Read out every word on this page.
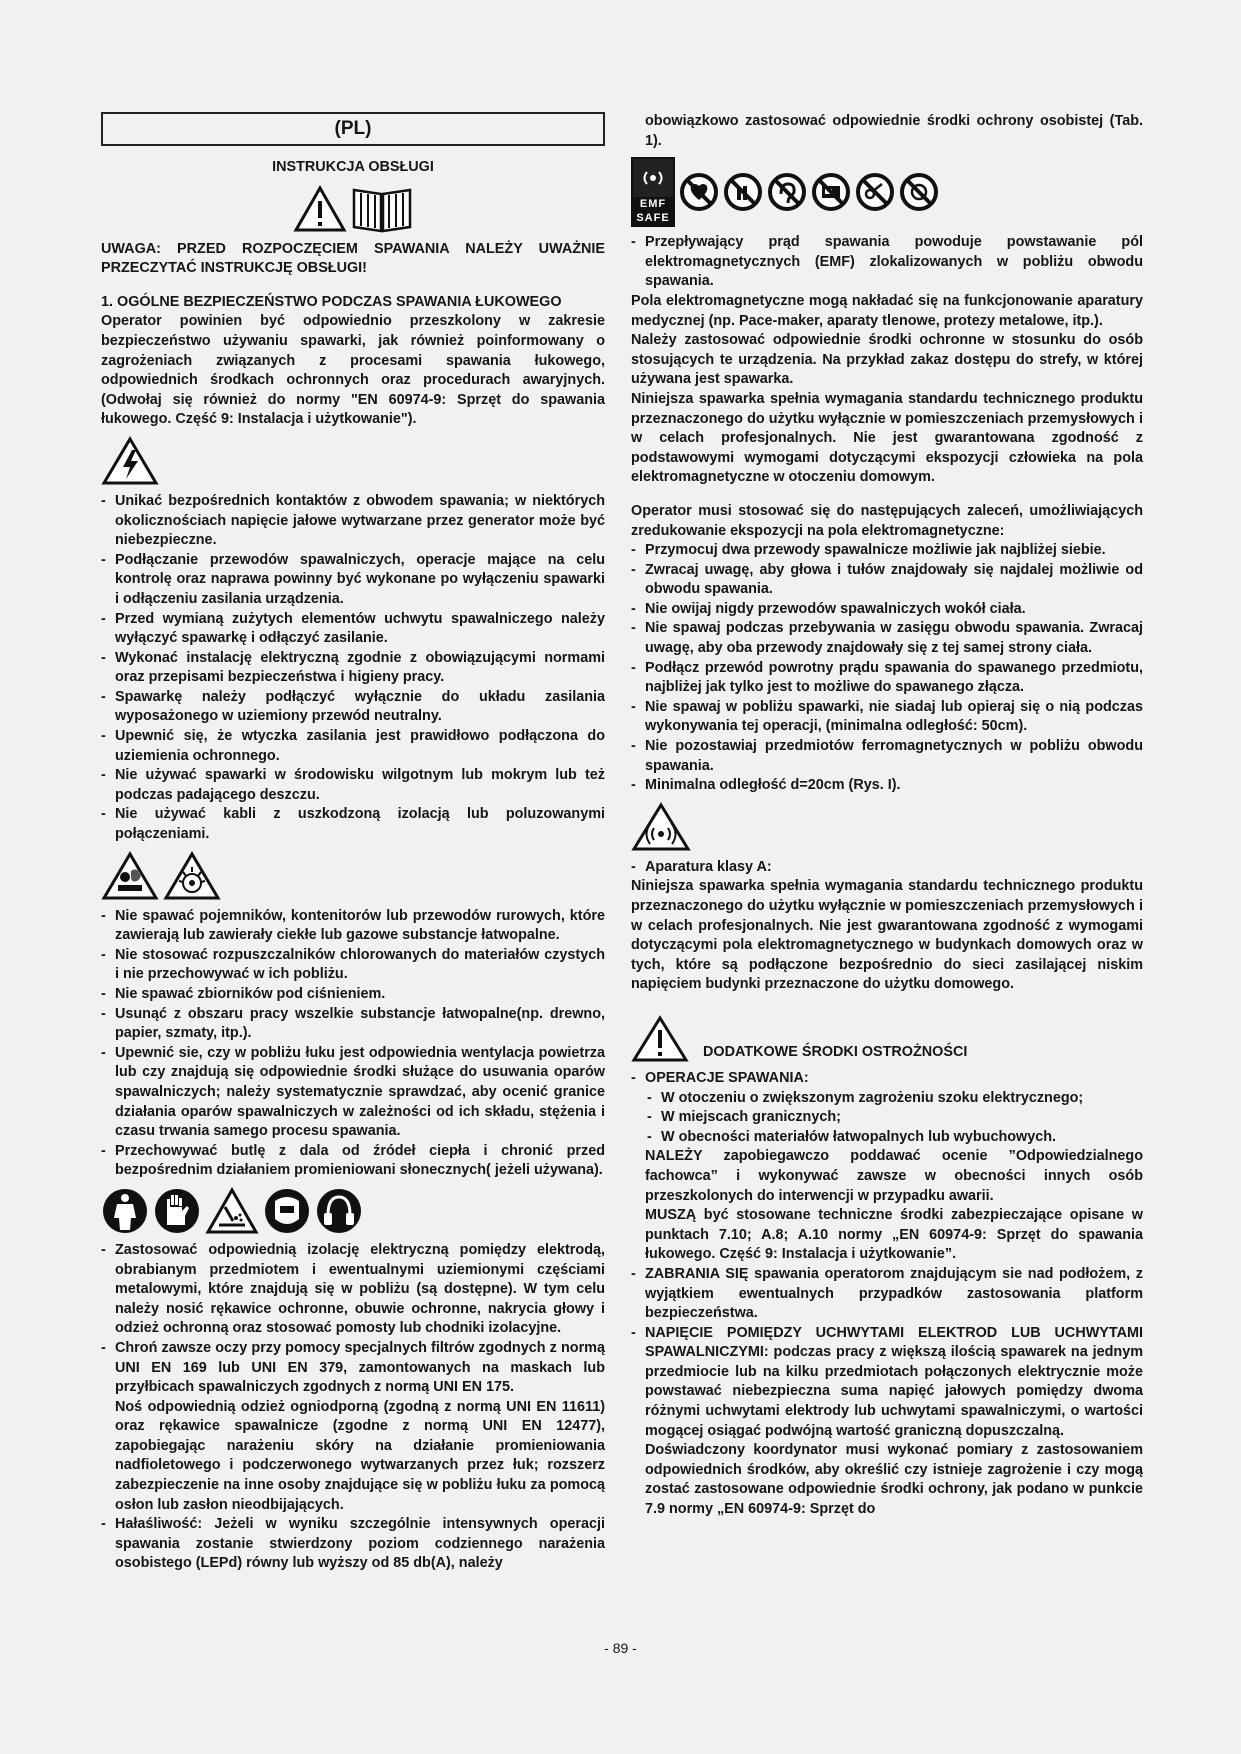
(PL)
INSTRUKCJA OBSŁUGI

UWAGA: PRZED ROZPOCZĘCIEM SPAWANIA NALEŻY UWAŻNIE PRZECZYTAĆ INSTRUKCJĘ OBSŁUGI!

1. OGÓLNE BEZPIECZEŃSTWO PODCZAS SPAWANIA ŁUKOWEGO

Operator powinien być odpowiednio przeszkolony w zakresie bezpieczeństwo używaniu spawarki, jak również poinformowany o zagrożeniach związanych z procesami spawania łukowego, odpowiednich środkach ochronnych oraz procedurach awaryjnych. (Odwołaj się również do normy "EN 60974-9: Sprzęt do spawania łukowego. Część 9: Instalacja i użytkowanie").

- Unikać bezpośrednich kontaktów z obwodem spawania; w niektórych okolicznościach napięcie jałowe wytwarzane przez generator może być niebezpieczne.
- Podłączanie przewodów spawalniczych, operacje mające na celu kontrolę oraz naprawa powinny być wykonane po wyłączeniu spawarki i odłączeniu zasilania urządzenia.
- Przed wymianą zużytych elementów uchwytu spawalniczego należy wyłączyć spawarkę i odłączyć zasilanie.
- Wykonać instalację elektryczną zgodnie z obowiązującymi normami oraz przepisami bezpieczeństwa i higieny pracy.
- Spawarkę należy podłączyć wyłącznie do układu zasilania wyposażonego w uziemiony przewód neutralny.
- Upewnić się, że wtyczka zasilania jest prawidłowo podłączona do uziemienia ochronnego.
- Nie używać spawarki w środowisku wilgotnym lub mokrym lub też podczas padającego deszczu.
- Nie używać kabli z uszkodzoną izolacją lub poluzowanymi połączeniami.
- Nie spawać pojemników, kontenitorów lub przewodów rurowych, które zawierają lub zawierały ciekłe lub gazowe substancje łatwopalne.
- Nie stosować rozpuszczalników chlorowanych do materiałów czystych i nie przechowywać w ich pobliżu.
- Nie spawać zbiorników pod ciśnieniem.
- Usunąć z obszaru pracy wszelkie substancje łatwopalne(np. drewno, papier, szmaty, itp.).
- Upewnić sie, czy w pobliżu łuku jest odpowiednia wentylacja powietrza lub czy znajdują się odpowiednie środki służące do usuwania oparów spawalniczych; należy systematycznie sprawdzać, aby ocenić granice działania oparów spawalniczych w zależności od ich składu, stężenia i czasu trwania samego procesu spawania.
- Przechowywać butlę z dala od źródeł ciepła i chronić przed bezpośrednim działaniem promieniowani słonecznych( jeżeli używana).
- Zastosować odpowiednią izolację elektryczną pomiędzy elektrodą, obrabianym przedmiotem i ewentualnymi uziemionymi częściami metalowymi, które znajdują się w pobliżu (są dostępne). W tym celu należy nosić rękawice ochronne, obuwie ochronne, nakrycia głowy i odzież ochronną oraz stosować pomosty lub chodniki izolacyjne.
- Chroń zawsze oczy przy pomocy specjalnych filtrów zgodnych z normą UNI EN 169 lub UNI EN 379, zamontowanych na maskach lub przyłbicach spawalniczych zgodnych z normą UNI EN 175.

Noś odpowiednią odzież ogniodporną (zgodną z normą UNI EN 11611) oraz rękawice spawalnicze (zgodne z normą UNI EN 12477), zapobiegając narażeniu skóry na działanie promieniowania nadfioletowego i podczerwonego wytwarzanych przez łuk; rozszerz zabezpieczenie na inne osoby znajdujące się w pobliżu łuku za pomocą osłon lub zasłon nieodbijających.

- Hałaśliwość: Jeżeli w wyniku szczególnie intensywnych operacji spawania zostanie stwierdzony poziom codziennego narażenia osobistego (LEPd) równy lub wyższy od 85 db(A), należy

obowiązkowo zastosować odpowiednie środki ochrony osobistej (Tab. 1).

EMF
SAFE
- Przepływający prąd spawania powoduje powstawanie pól elektromagnetycznych (EMF) zlokalizowanych w pobliżu obwodu spawania.

Pola elektromagnetyczne mogą nakładać się na funkcjonowanie aparatury medycznej (np. Pace-maker, aparaty tlenowe, protezy metalowe, itp.).

Należy zastosować odpowiednie środki ochronne w stosunku do osób stosujących te urządzenia. Na przykład zakaz dostępu do strefy, w której używana jest spawarka.

Niniejsza spawarka spełnia wymagania standardu technicznego produktu przeznaczonego do użytku wyłącznie w pomieszczeniach przemysłowych i w celach profesjonalnych. Nie jest gwarantowana zgodność z podstawowymi wymogami dotyczącymi ekspozycji człowieka na pola elektromagnetyczne w otoczeniu domowym.

Operator musi stosować się do następujących zaleceń, umożliwiających zredukowanie ekspozycji na pola elektromagnetyczne:

- Przymocuj dwa przewody spawalnicze możliwie jak najbliżej siebie.
- Zwracaj uwagę, aby głowa i tułów znajdowały się najdalej możliwie od obwodu spawania.
- Nie owijaj nigdy przewodów spawalniczych wokół ciała.
- Nie spawaj podczas przebywania w zasięgu obwodu spawania. Zwracaj uwagę, aby oba przewody znajdowały się z tej samej strony ciała.
- Podłącz przewód powrotny prądu spawania do spawanego przedmiotu, najbliżej jak tylko jest to możliwe do spawanego złącza.
- Nie spawaj w pobliżu spawarki, nie siadaj lub opieraj się o nią podczas wykonywania tej operacji, (minimalna odległość: 50cm).
- Nie pozostawiaj przedmiotów ferromagnetycznych w pobliżu obwodu spawania.
- Minimalna odległość d=20cm (Rys. I).
- Aparatura klasy A:

Niniejsza spawarka spełnia wymagania standardu technicznego produktu przeznaczonego do użytku wyłącznie w pomieszczeniach przemysłowych i w celach profesjonalnych. Nie jest gwarantowana zgodność z wymogami dotyczącymi pola elektromagnetycznego w budynkach domowych oraz w tych, które są podłączone bezpośrednio do sieci zasilającej niskim napięciem budynki przeznaczone do użytku domowego.

DODATKOWE ŚRODKI OSTROŻNOŚCI
- OPERACJE SPAWANIA:
- W otoczeniu o zwiększonym zagrożeniu szoku elektrycznego;
- W miejscach granicznych;
- W obecności materiałów łatwopalnych lub wybuchowych.

NALEŻY zapobiegawczo poddawać ocenie ”Odpowiedzialnego fachowca” i wykonywać zawsze w obecności innych osób przeszkolonych do interwencji w przypadku awarii.

MUSZĄ być stosowane techniczne środki zabezpieczające opisane w punktach 7.10; A.8; A.10 normy „EN 60974-9: Sprzęt do spawania łukowego. Część 9: Instalacja i użytkowanie”.

- ZABRANIA SIĘ spawania operatorom znajdującym sie nad podłożem, z wyjątkiem ewentualnych przypadków zastosowania platform bezpieczeństwa.
- NAPIĘCIE POMIĘDZY UCHWYTAMI ELEKTROD LUB UCHWYTAMI SPAWALNICZYMI: podczas pracy z większą ilością spawarek na jednym przedmiocie lub na kilku przedmiotach połączonych elektrycznie może powstawać niebezpieczna suma napięć jałowych pomiędzy dwoma różnymi uchwytami elektrody lub uchwytami spawalniczymi, o wartości mogącej osiągać podwójną wartość graniczną dopuszczalną.

Doświadczony koordynator musi wykonać pomiary z zastosowaniem odpowiednich środków, aby określić czy istnieje zagrożenie i czy mogą zostać zastosowane odpowiednie środki ochrony, jak podano w punkcie 7.9 normy „EN 60974-9: Sprzęt do

- 89 -
